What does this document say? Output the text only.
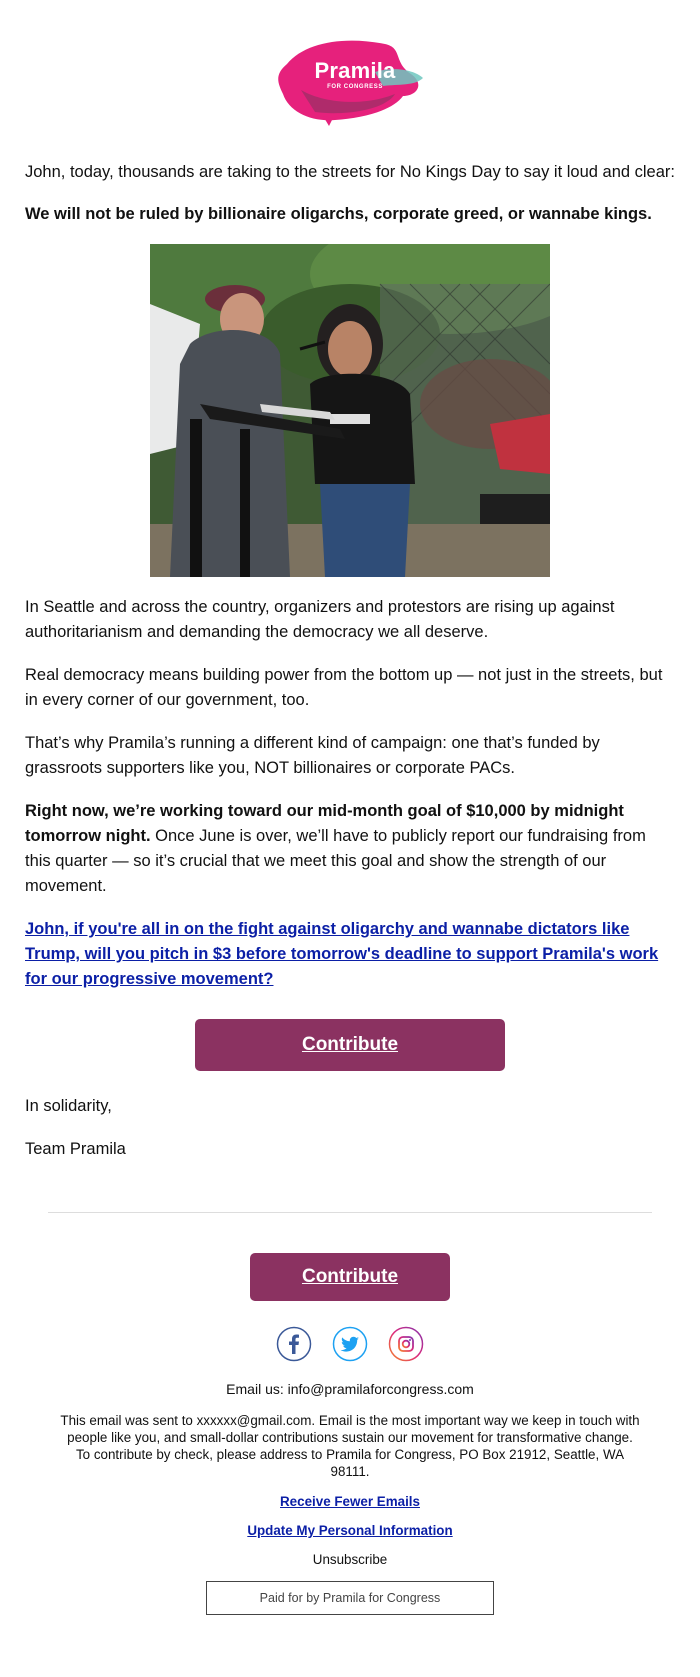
Pramila
FOR CONGRESS

John, today, thousands are taking to the streets for No Kings Day to say it loud and clear:

We will not be ruled by billionaire oligarchs, corporate greed, or wannabe kings.

In Seattle and across the country, organizers and protestors are rising up against authoritarianism and demanding the democracy we all deserve.

Real democracy means building power from the bottom up — not just in the streets, but in every corner of our government, too.

That’s why Pramila’s running a different kind of campaign: one that’s funded by grassroots supporters like you, NOT billionaires or corporate PACs.

Right now, we’re working toward our mid-month goal of $10,000 by midnight tomorrow night. Once June is over, we’ll have to publicly report our fundraising from this quarter — so it’s crucial that we meet this goal and show the strength of our movement.

John, if you're all in on the fight against oligarchy and wannabe dictators like Trump, will you pitch in $3 before tomorrow's deadline to support Pramila's work for our progressive movement?

Contribute

In solidarity,

Team Pramila

Contribute

Email us: info@pramilaforcongress.com
This email was sent to xxxxxx@gmail.com. Email is the most important way we keep in touch with people like you, and small-dollar contributions sustain our movement for transformative change. To contribute by check, please address to Pramila for Congress, PO Box 21912, Seattle, WA 98111.
Receive Fewer Emails
Update My Personal Information
Unsubscribe
Paid for by Pramila for Congress
